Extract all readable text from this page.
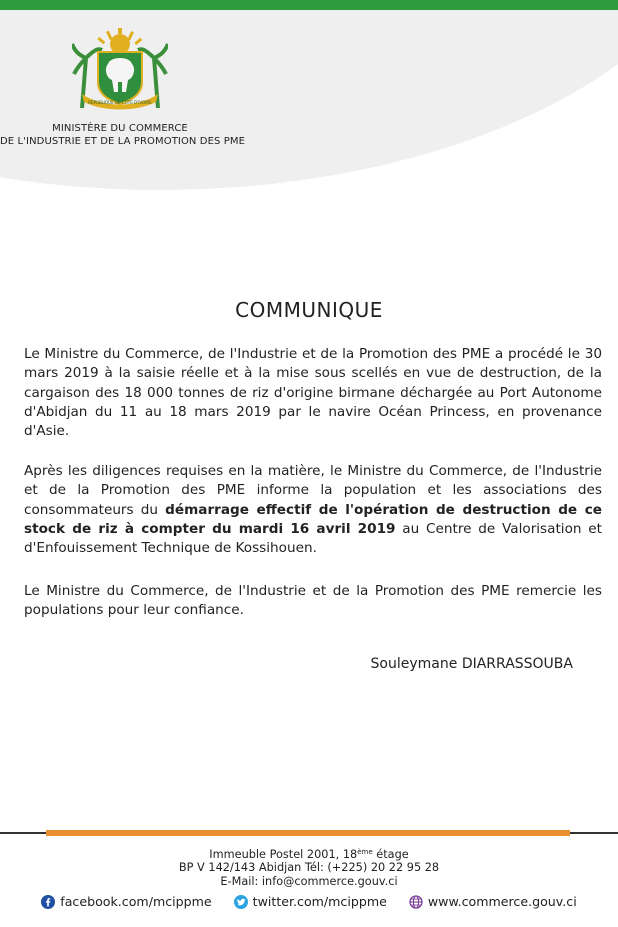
RÉPUBLIQUE DE CÔTE D'IVOIRE
MINISTÈRE DU COMMERCE
DE L'INDUSTRIE ET DE LA PROMOTION DES PME
COMMUNIQUE
Le Ministre du Commerce, de l'Industrie et de la Promotion des PME a procédé le 30 mars 2019 à la saisie réelle et à la mise sous scellés en vue de destruction, de la cargaison des 18 000 tonnes de riz d'origine birmane déchargée au Port Autonome d'Abidjan du 11 au 18 mars 2019 par le navire Océan Princess, en provenance d'Asie.
Après les diligences requises en la matière, le Ministre du Commerce, de l'Industrie et de la Promotion des PME informe la population et les associations des consommateurs du démarrage effectif de l'opération de destruction de ce stock de riz à compter du mardi 16 avril 2019 au Centre de Valorisation et d'Enfouissement Technique de Kossihouen.
Le Ministre du Commerce, de l'Industrie et de la Promotion des PME remercie les populations pour leur confiance.
Souleymane DIARRASSOUBA
Immeuble Postel 2001, 18ème étage
BP V 142/143 Abidjan Tél: (+225) 20 22 95 28
E-Mail: info@commerce.gouv.ci
facebook.com/mcippme	twitter.com/mcippme	www.commerce.gouv.ci
